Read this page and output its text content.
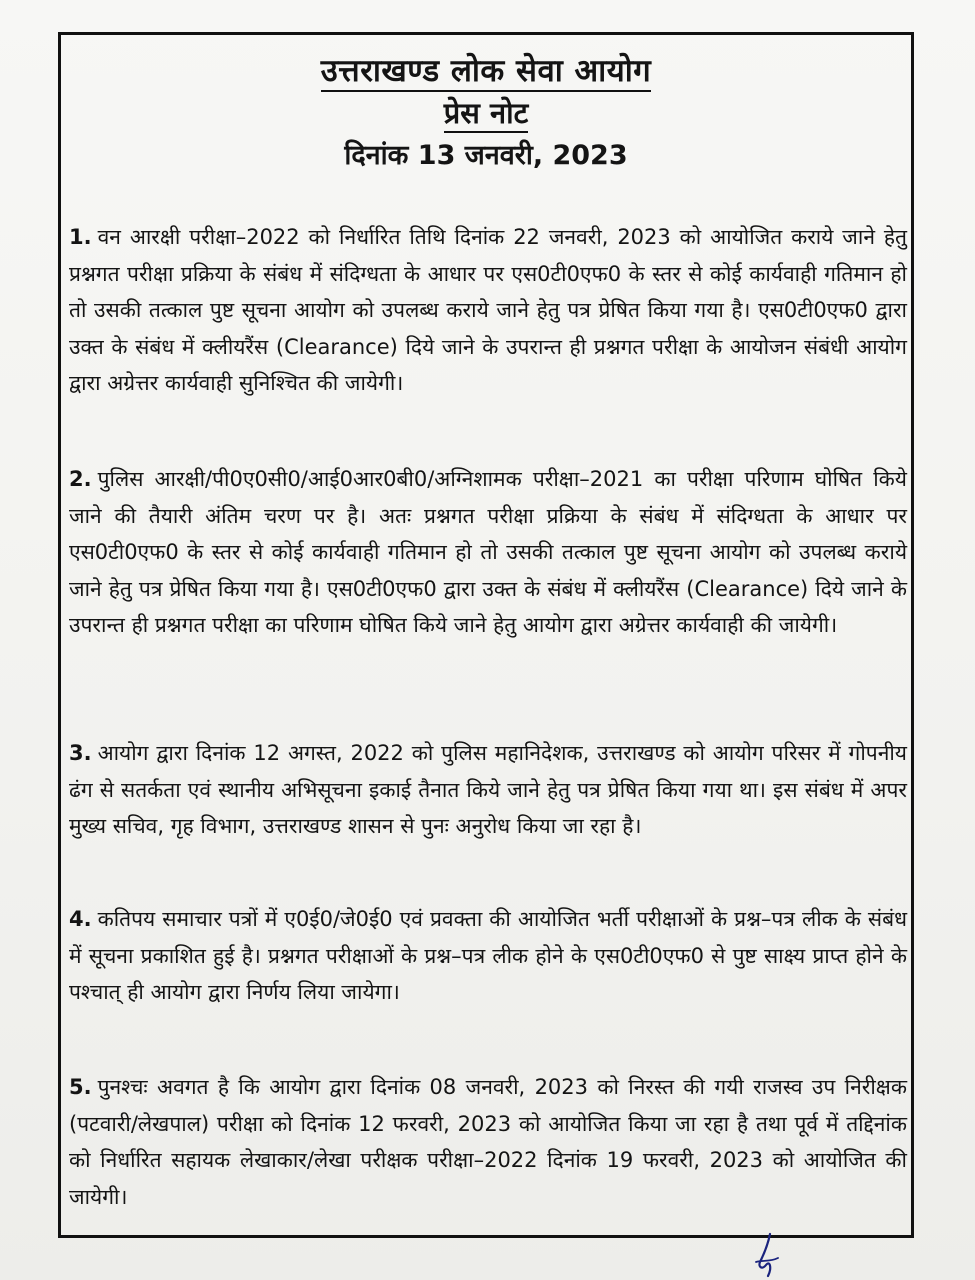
उत्तराखण्ड लोक सेवा आयोग
प्रेस नोट
दिनांक 13 जनवरी, 2023
1. वन आरक्षी परीक्षा–2022 को निर्धारित तिथि दिनांक 22 जनवरी, 2023 को आयोजित कराये जाने हेतु प्रश्नगत परीक्षा प्रक्रिया के संबंध में संदिग्धता के आधार पर एस0टी0एफ0 के स्तर से कोई कार्यवाही गतिमान हो तो उसकी तत्काल पुष्ट सूचना आयोग को उपलब्ध कराये जाने हेतु पत्र प्रेषित किया गया है। एस0टी0एफ0 द्वारा उक्त के संबंध में क्लीयरैंस (Clearance) दिये जाने के उपरान्त ही प्रश्नगत परीक्षा के आयोजन संबंधी आयोग द्वारा अग्रेत्तर कार्यवाही सुनिश्चित की जायेगी।
2. पुलिस आरक्षी/पी0ए0सी0/आई0आर0बी0/अग्निशामक परीक्षा–2021 का परीक्षा परिणाम घोषित किये जाने की तैयारी अंतिम चरण पर है। अतः प्रश्नगत परीक्षा प्रक्रिया के संबंध में संदिग्धता के आधार पर एस0टी0एफ0 के स्तर से कोई कार्यवाही गतिमान हो तो उसकी तत्काल पुष्ट सूचना आयोग को उपलब्ध कराये जाने हेतु पत्र प्रेषित किया गया है। एस0टी0एफ0 द्वारा उक्त के संबंध में क्लीयरैंस (Clearance) दिये जाने के उपरान्त ही प्रश्नगत परीक्षा का परिणाम घोषित किये जाने हेतु आयोग द्वारा अग्रेत्तर कार्यवाही की जायेगी।
3. आयोग द्वारा दिनांक 12 अगस्त, 2022 को पुलिस महानिदेशक, उत्तराखण्ड को आयोग परिसर में गोपनीय ढंग से सतर्कता एवं स्थानीय अभिसूचना इकाई तैनात किये जाने हेतु पत्र प्रेषित किया गया था। इस संबंध में अपर मुख्य सचिव, गृह विभाग, उत्तराखण्ड शासन से पुनः अनुरोध किया जा रहा है।
4. कतिपय समाचार पत्रों में ए0ई0/जे0ई0 एवं प्रवक्ता की आयोजित भर्ती परीक्षाओं के प्रश्न–पत्र लीक के संबंध में सूचना प्रकाशित हुई है। प्रश्नगत परीक्षाओं के प्रश्न–पत्र लीक होने के एस0टी0एफ0 से पुष्ट साक्ष्य प्राप्त होने के पश्चात् ही आयोग द्वारा निर्णय लिया जायेगा।
5. पुनश्चः अवगत है कि आयोग द्वारा दिनांक 08 जनवरी, 2023 को निरस्त की गयी राजस्व उप निरीक्षक (पटवारी/लेखपाल) परीक्षा को दिनांक 12 फरवरी, 2023 को आयोजित किया जा रहा है तथा पूर्व में तद्दिनांक को निर्धारित सहायक लेखाकार/लेखा परीक्षक परीक्षा–2022 दिनांक 19 फरवरी, 2023 को आयोजित की जायेगी।
